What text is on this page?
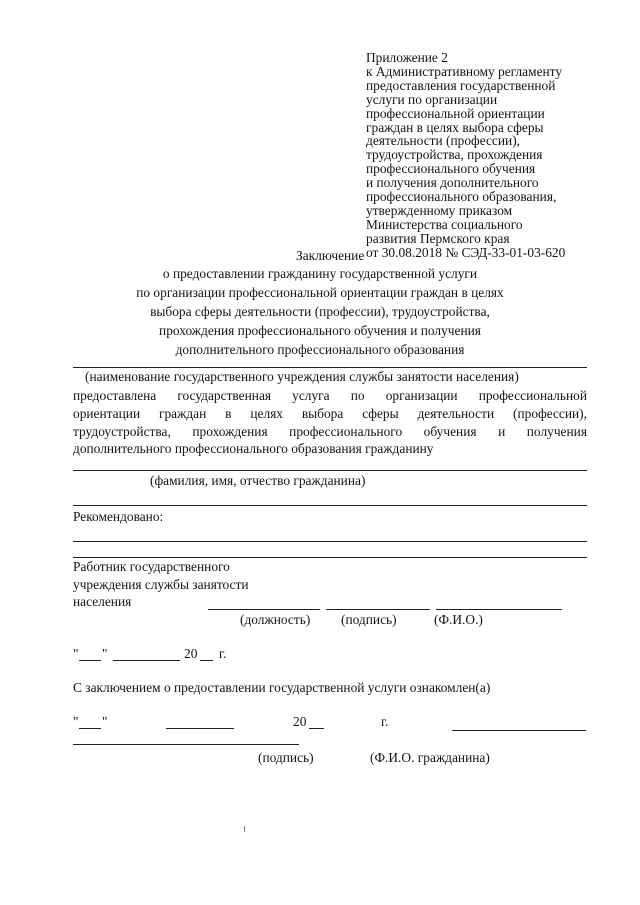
Приложение 2
к Административному регламенту
предоставления государственной
услуги по организации
профессиональной ориентации
граждан в целях выбора сферы
деятельности (профессии),
трудоустройства, прохождения
профессионального обучения
и получения дополнительного
профессионального образования,
утвержденному приказом
Министерства социального
развития Пермского края
от 30.08.2018 № СЭД-33-01-03-620
Заключение
о предоставлении гражданину государственной услуги
по организации профессиональной ориентации граждан в целях
выбора сферы деятельности (профессии), трудоустройства,
прохождения профессионального обучения и получения
дополнительного профессионального образования
(наименование государственного учреждения службы занятости населения)
предоставлена государственная услуга по организации профессиональной
ориентации граждан в целях выбора сферы деятельности (профессии),
трудоустройства, прохождения профессионального обучения и получения
дополнительного профессионального образования гражданину
(фамилия, имя, отчество гражданина)
Рекомендовано:
Работник государственного
учреждения службы занятости
населения
(должность) (подпись)	(Ф.И.О.)
" "	20 г.
С заключением о предоставлении государственной услуги ознакомлен(а)
" "	20	г.
(подпись)	(Ф.И.О. гражданина)
